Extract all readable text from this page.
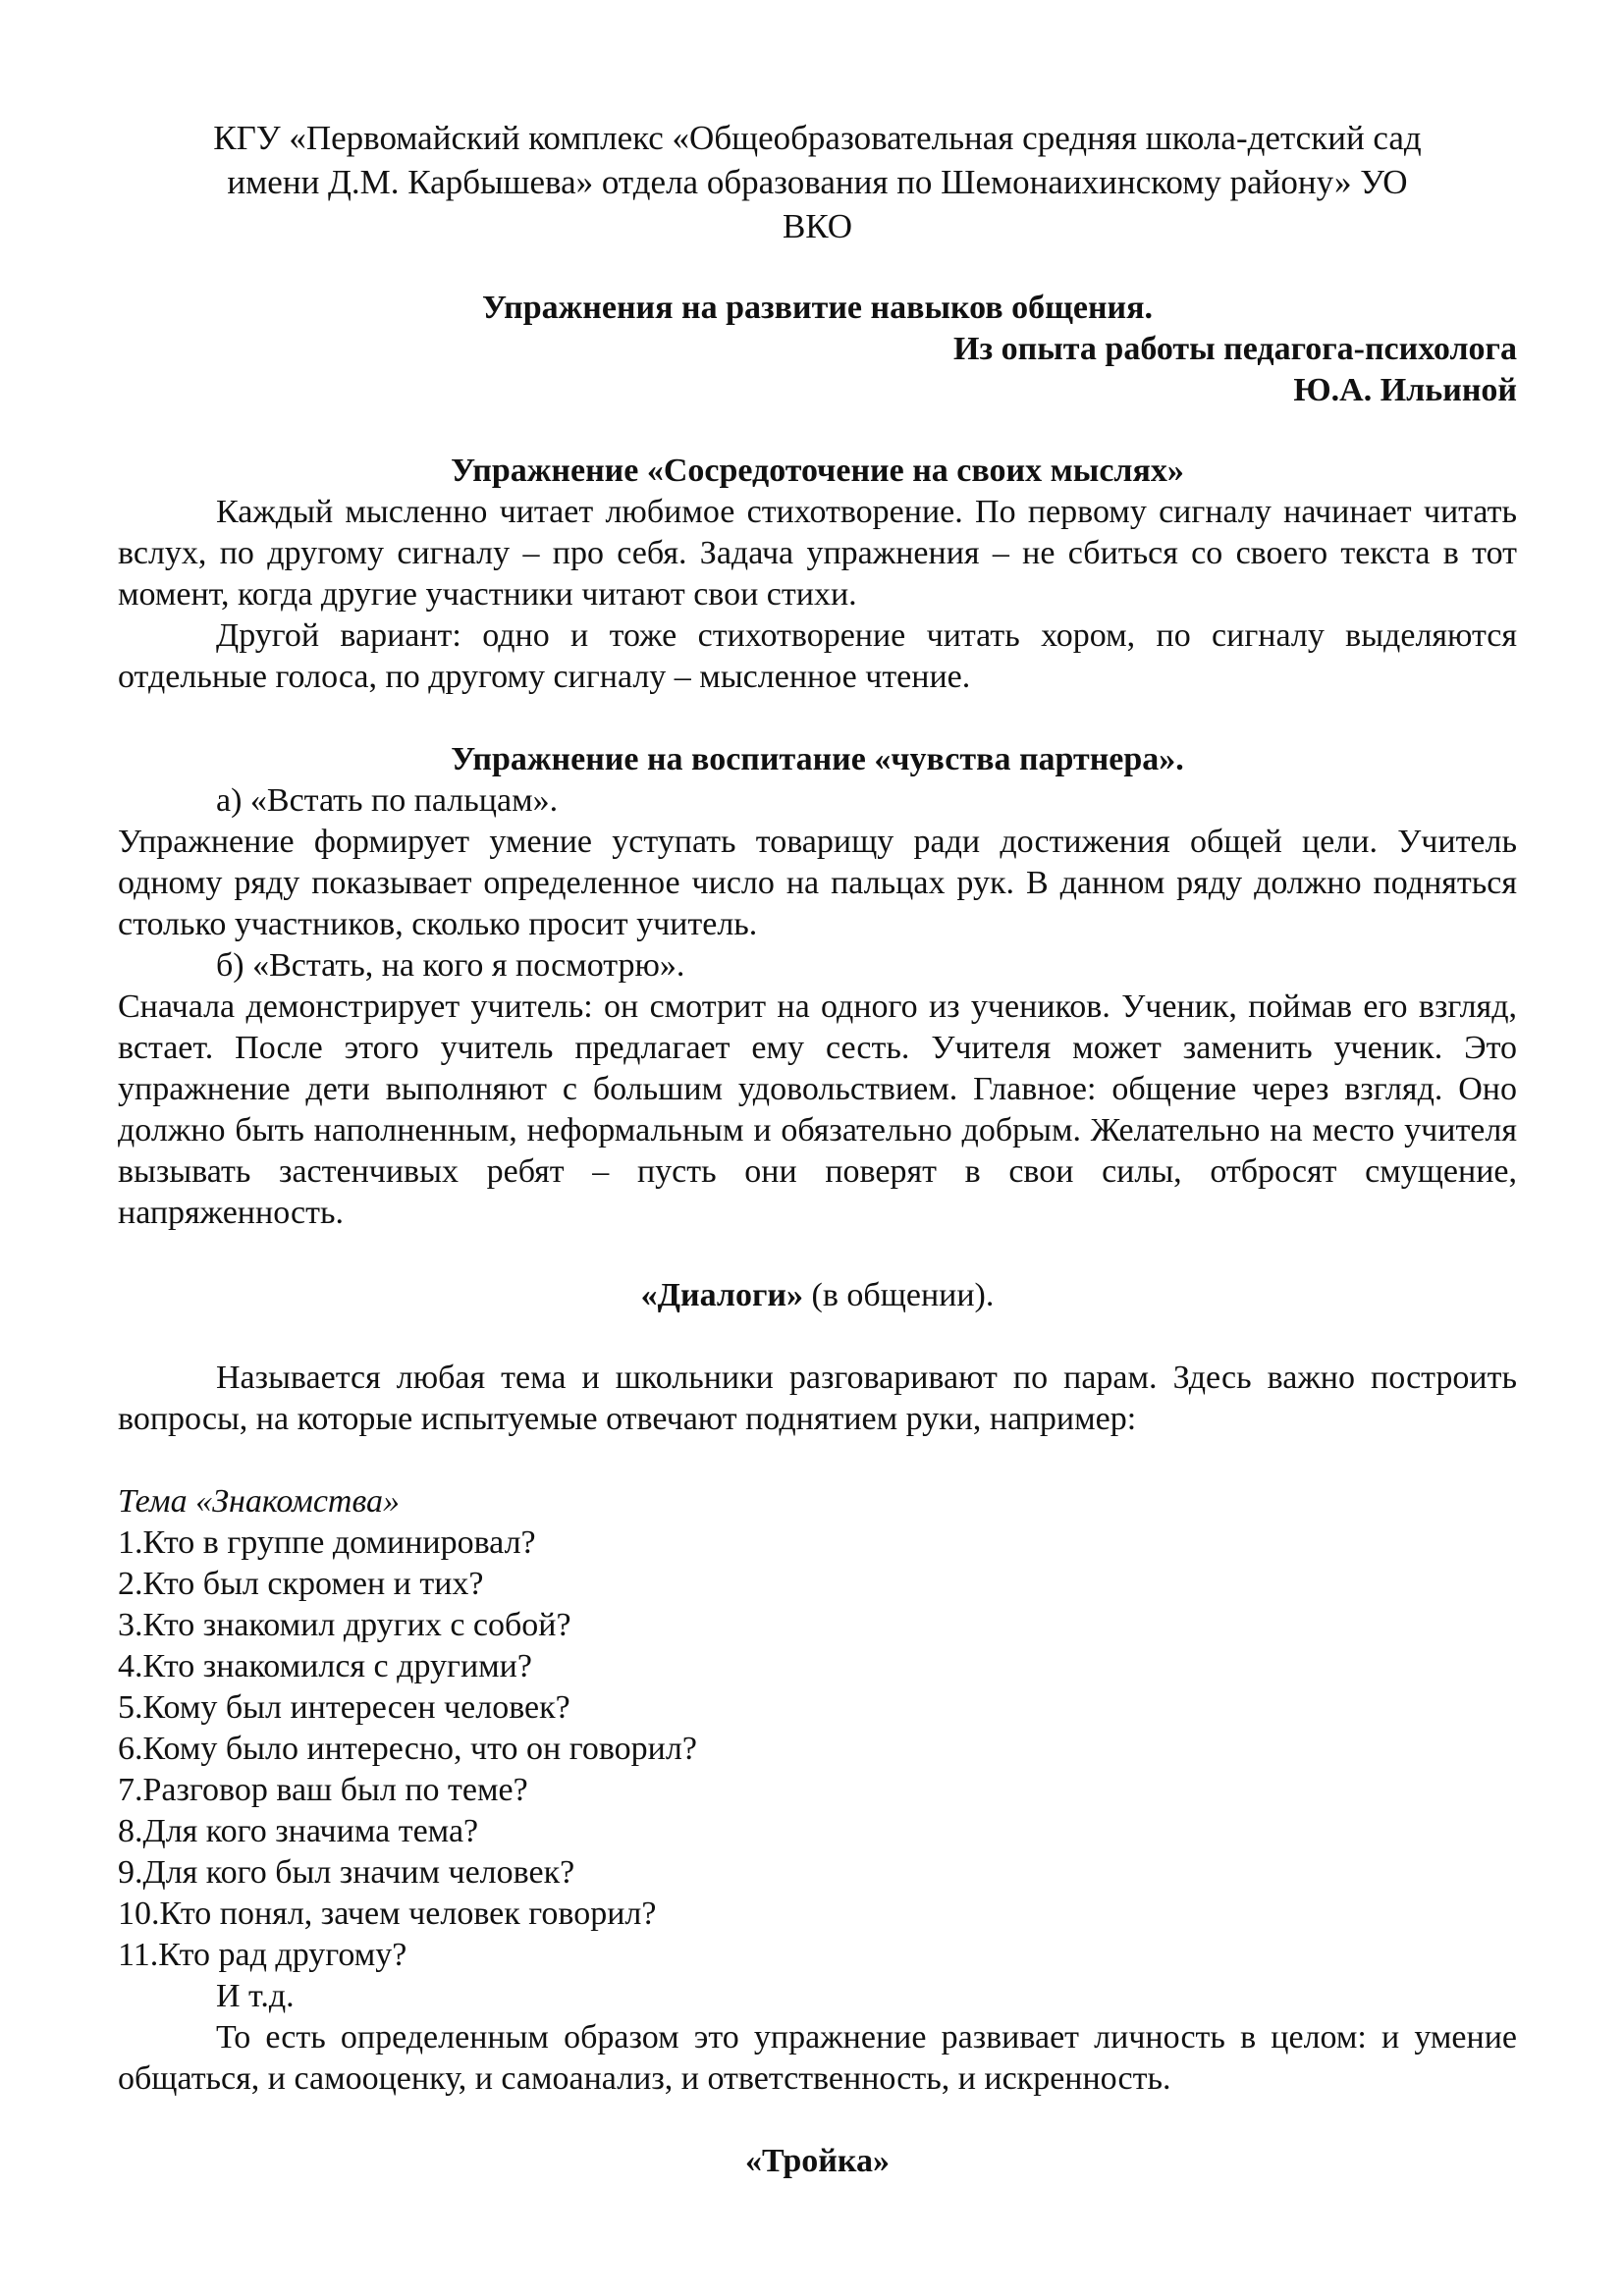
КГУ «Первомайский комплекс «Общеобразовательная средняя школа-детский сад

имени Д.М. Карбышева» отдела образования по Шемонаихинскому району» УО

ВКО

Упражнения на развитие навыков общения.

Из опыта работы педагога-психолога

Ю.А. Ильиной

Упражнение «Сосредоточение на своих мыслях»

Каждый мысленно читает любимое стихотворение. По первому сигналу начинает читать вслух, по другому сигналу – про себя. Задача упражнения – не сбиться со своего текста в тот момент, когда другие участники читают свои стихи.

Другой вариант: одно и тоже стихотворение читать хором, по сигналу выделяются отдельные голоса, по другому сигналу – мысленное чтение.

Упражнение на воспитание «чувства партнера».

а) «Встать по пальцам».

Упражнение формирует умение уступать товарищу ради достижения общей цели. Учитель одному ряду показывает определенное число на пальцах рук. В данном ряду должно подняться столько участников, сколько просит учитель.

б) «Встать, на кого я посмотрю».

Сначала демонстрирует учитель: он смотрит на одного из учеников. Ученик, поймав его взгляд, встает. После этого учитель предлагает ему сесть. Учителя может заменить ученик. Это упражнение дети выполняют с большим удовольствием. Главное: общение через взгляд. Оно должно быть наполненным, неформальным и обязательно добрым. Желательно на место учителя вызывать застенчивых ребят – пусть они поверят в свои силы, отбросят смущение, напряженность.

«Диалоги» (в общении).

Называется любая тема и школьники разговаривают по парам. Здесь важно построить вопросы, на которые испытуемые отвечают поднятием руки, например:

Тема «Знакомства»

1.Кто в группе доминировал?

2.Кто был скромен и тих?

3.Кто знакомил других с собой?

4.Кто знакомился с другими?

5.Кому был интересен человек?

6.Кому было интересно, что он говорил?

7.Разговор ваш был по теме?

8.Для кого значима тема?

9.Для кого был значим человек?

10.Кто понял, зачем человек говорил?

11.Кто рад другому?

И т.д.

То есть определенным образом это упражнение развивает личность в целом: и умение общаться, и самооценку, и самоанализ, и ответственность, и искренность.

«Тройка»
